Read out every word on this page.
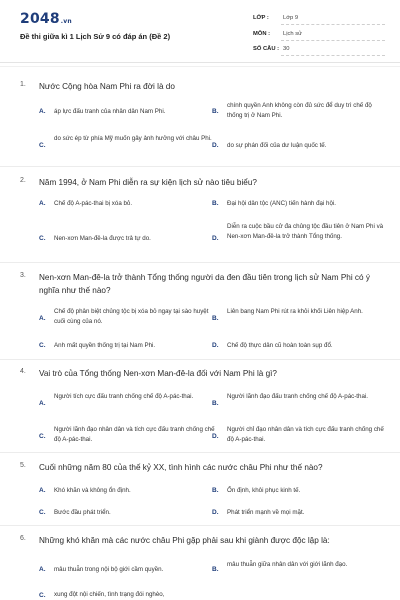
2048.vn
Đề thi giữa kì 1 Lịch Sử 9 có đáp án (Đề 2)
LỚP : Lớp 9
MÔN : Lịch sử
SỐ CÂU : 30
1. Nước Cộng hòa Nam Phi ra đời là do
A. áp lực đấu tranh của nhân dân Nam Phi.	B.
chính quyền Anh không còn đủ sức để duy trì chế độ thống trị ở Nam Phi.
C.
do sức ép từ phía Mỹ muốn gây ảnh hưởng với châu Phi.
D. do sự phán đối của dư luận quốc tế.
2. Năm 1994, ở Nam Phi diễn ra sự kiện lịch sử nào tiêu biểu?
A. Chế độ A-pác-thai bị xóa bỏ.	B. Đại hội dân tộc (ANC) tiến hành đại hội.
C. Nen-xơn Man-đê-la được trả tự do.	D.
Diễn ra cuộc bầu cử đa chủng tộc đầu tiên ở Nam Phi và Nen-xơn Man-đê-la trở thành Tổng thống.
3. Nen-xơn Man-đê-la trở thành Tổng thống người da đen đầu tiên trong lịch sử Nam Phi có ý nghĩa như thế nào?
A.
Chế độ phân biệt chủng tộc bị xóa bỏ ngay tại sào huyệt cuối cùng của nó.	B.
Liên bang Nam Phi rút ra khỏi khối Liên hiệp Anh.
C. Anh mất quyền thống trị tại Nam Phi.	D. Chế độ thực dân cũ hoàn toàn sụp đổ.
4. Vai trò của Tổng thống Nen-xơn Man-đê-la đối với Nam Phi là gì?
A.
Người tích cực đấu tranh chống chế độ A-pác-thai.
B.
Người lãnh đạo đấu tranh chống chế độ A-pác-thai.
C.
Người lãnh đạo nhân dân và tích cực đấu tranh chống chế độ A-pác-thai.	D.
Người chỉ đạo nhân dân và tích cực đấu tranh chống chế độ A-pác-thai.
5. Cuối những năm 80 của thế kỷ XX, tình hình các nước châu Phi như thế nào?
A. Khó khăn và không ổn định.	B. Ổn định, khôi phục kinh tế.
C. Bước đầu phát triển.	D. Phát triển mạnh về mọi mặt.
6. Những khó khăn mà các nước châu Phi gặp phải sau khi giành được độc lập là:
A. mâu thuẫn trong nội bộ giới cầm quyền.	B.
mâu thuẫn giữa nhân dân với giới lãnh đạo.
C. xung đột nội chiến, tình trạng đói nghèo,
